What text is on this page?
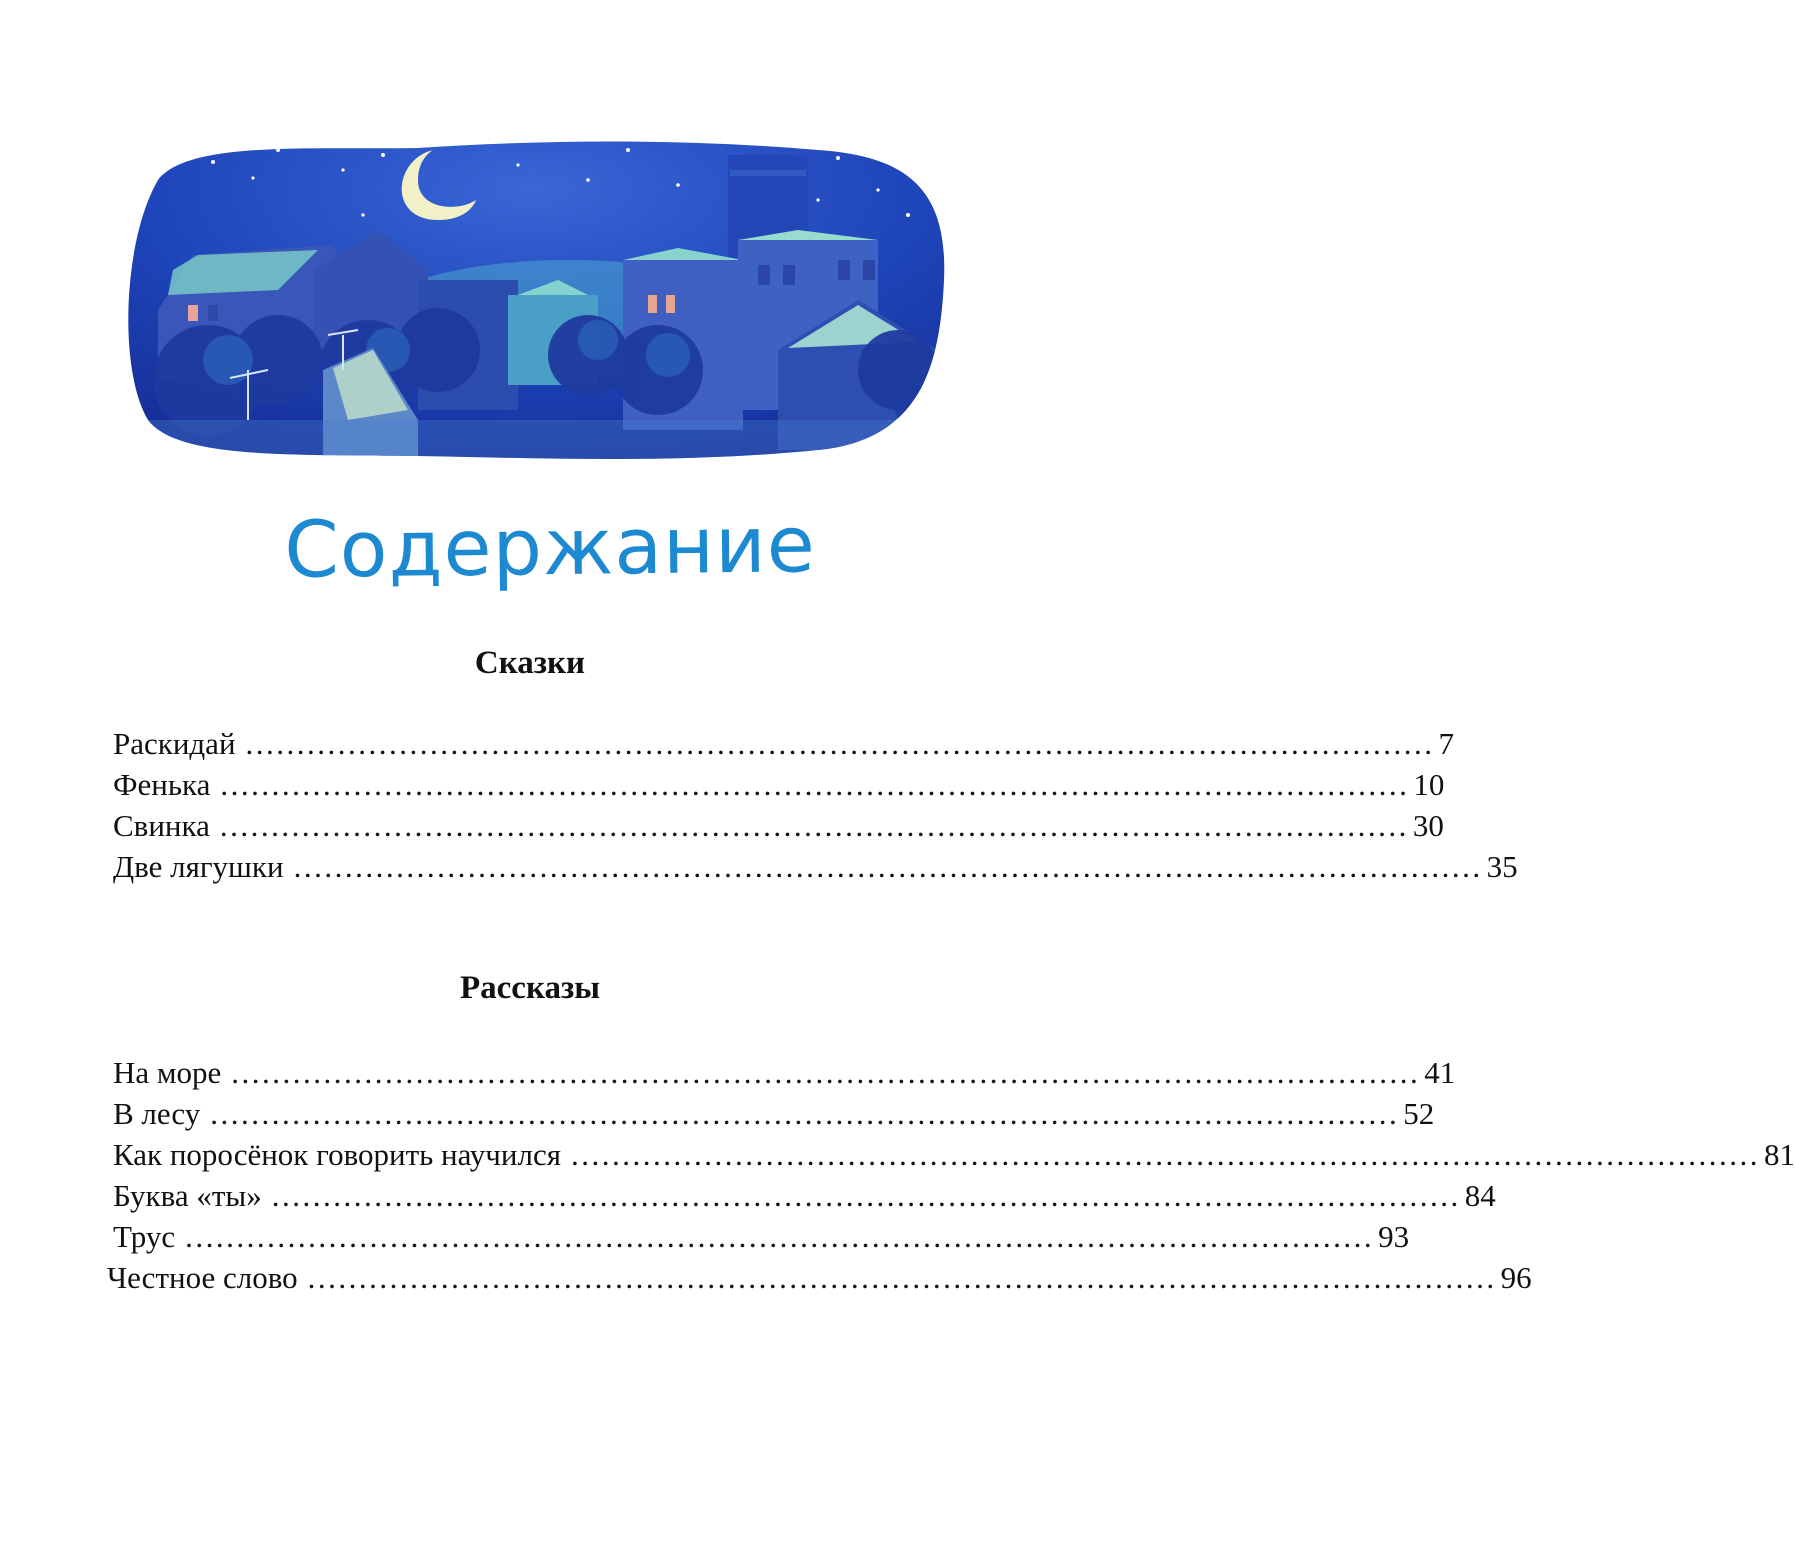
Содержание
Сказки
Раскидай .................................................................................................................... 7
Фенька .................................................................................................................... 10
Свинка .................................................................................................................... 30
Две лягушки .................................................................................................................... 35
Рассказы
На море .................................................................................................................... 41
В лесу .................................................................................................................... 52
Как поросёнок говорить научился .................................................................................................................... 81
Буква «ты» .................................................................................................................... 84
Трус .................................................................................................................... 93
Честное слово .................................................................................................................... 96
